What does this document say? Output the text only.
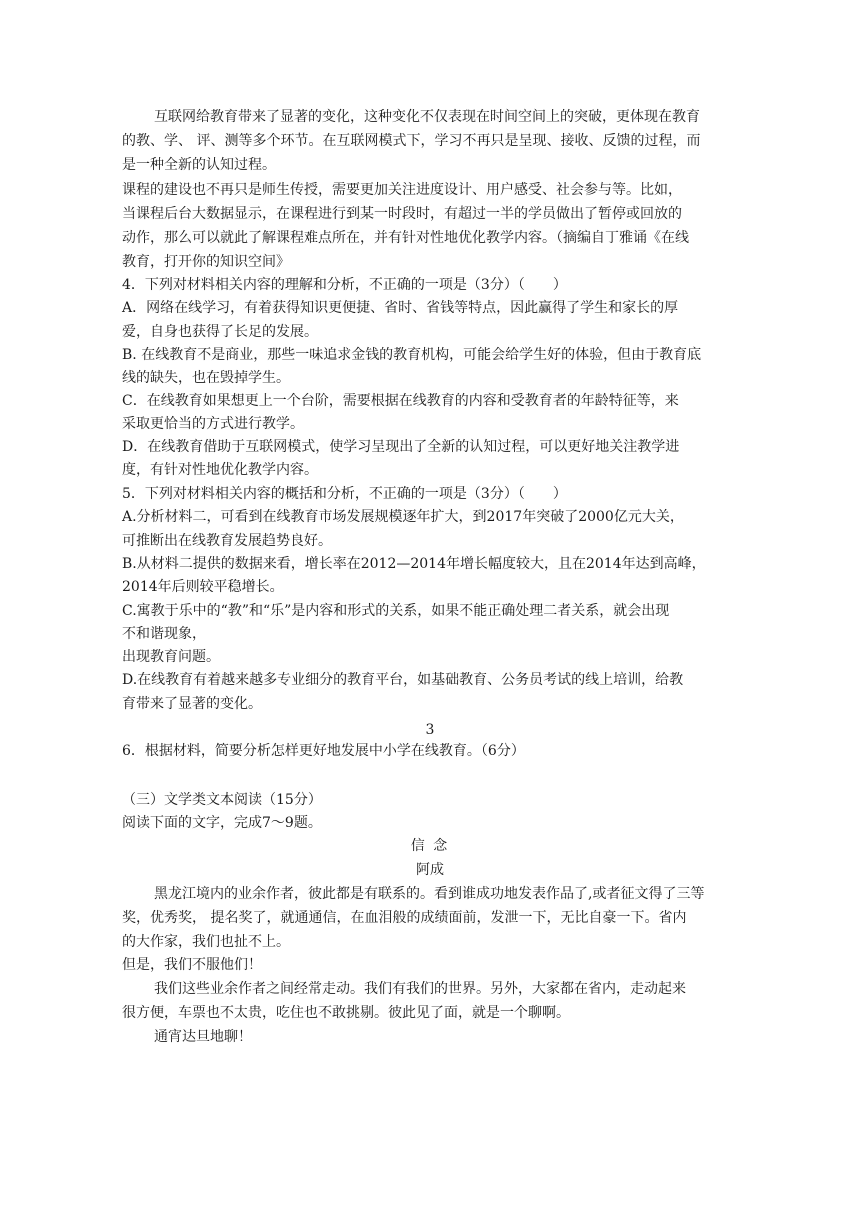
互联网给教育带来了显著的变化，这种变化不仅表现在时间空间上的突破，更体现在教育
的教、学、 评、测等多个环节。在互联网模式下，学习不再只是呈现、接收、反馈的过程，而
是一种全新的认知过程。
课程的建设也不再只是师生传授，需要更加关注进度设计、用户感受、社会参与等。比如，
当课程后台大数据显示，在课程进行到某一时段时，有超过一半的学员做出了暂停或回放的
动作，那么可以就此了解课程难点所在，并有针对性地优化教学内容。（摘编自丁雅诵《在线
教育，打开你的知识空间》
4．下列对材料相关内容的理解和分析，不正确的一项是（3分）（　　）
A．网络在线学习，有着获得知识更便捷、省时、省钱等特点，因此赢得了学生和家长的厚
爱，自身也获得了长足的发展。
B. 在线教育不是商业，那些一味追求金钱的教育机构，可能会给学生好的体验，但由于教育底
线的缺失，也在毁掉学生。
C．在线教育如果想更上一个台阶，需要根据在线教育的内容和受教育者的年龄特征等，来
采取更恰当的方式进行教学。
D．在线教育借助于互联网模式，使学习呈现出了全新的认知过程，可以更好地关注教学进
度，有针对性地优化教学内容。
5．下列对材料相关内容的概括和分析，不正确的一项是（3分）（　　）
A.分析材料二，可看到在线教育市场发展规模逐年扩大，到2017年突破了2000亿元大关，
可推断出在线教育发展趋势良好。
B.从材料二提供的数据来看，增长率在2012—2014年增长幅度较大，且在2014年达到高峰，
2014年后则较平稳增长。
C.寓教于乐中的“教”和“乐”是内容和形式的关系，如果不能正确处理二者关系，就会出现
不和谐现象，
出现教育问题。
D.在线教育有着越来越多专业细分的教育平台，如基础教育、公务员考试的线上培训，给教
育带来了显著的变化。
3
6．根据材料，简要分析怎样更好地发展中小学在线教育。（6分）
（三）文学类文本阅读（15分）
阅读下面的文字，完成7～9题。
信 念
阿成
黑龙江境内的业余作者，彼此都是有联系的。看到谁成功地发表作品了,或者征文得了三等
奖，优秀奖， 提名奖了，就通通信，在血泪般的成绩面前，发泄一下，无比自豪一下。省内
的大作家，我们也扯不上。
但是，我们不服他们！
我们这些业余作者之间经常走动。我们有我们的世界。另外，大家都在省内，走动起来
很方便，车票也不太贵，吃住也不敢挑剔。彼此见了面，就是一个聊啊。
通宵达旦地聊！
